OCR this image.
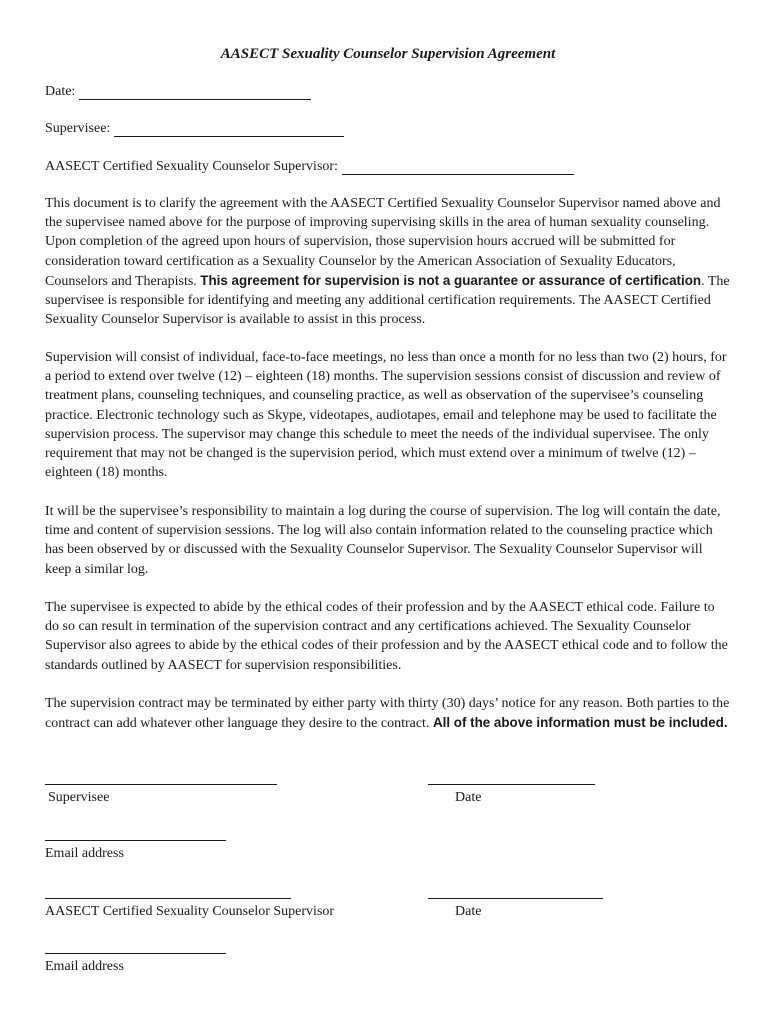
AASECT Sexuality Counselor Supervision Agreement
Date:
Supervisee:
AASECT Certified Sexuality Counselor Supervisor:

This document is to clarify the agreement with the AASECT Certified Sexuality Counselor Supervisor named above and the supervisee named above for the purpose of improving supervising skills in the area of human sexuality counseling. Upon completion of the agreed upon hours of supervision, those supervision hours accrued will be submitted for consideration toward certification as a Sexuality Counselor by the American Association of Sexuality Educators, Counselors and Therapists. This agreement for supervision is not a guarantee or assurance of certification. The supervisee is responsible for identifying and meeting any additional certification requirements. The AASECT Certified Sexuality Counselor Supervisor is available to assist in this process.

Supervision will consist of individual, face-to-face meetings, no less than once a month for no less than two (2) hours, for a period to extend over twelve (12) – eighteen (18) months. The supervision sessions consist of discussion and review of treatment plans, counseling techniques, and counseling practice, as well as observation of the supervisee’s counseling practice. Electronic technology such as Skype, videotapes, audiotapes, email and telephone may be used to facilitate the supervision process. The supervisor may change this schedule to meet the needs of the individual supervisee. The only requirement that may not be changed is the supervision period, which must extend over a minimum of twelve (12) – eighteen (18) months.

It will be the supervisee’s responsibility to maintain a log during the course of supervision. The log will contain the date, time and content of supervision sessions. The log will also contain information related to the counseling practice which has been observed by or discussed with the Sexuality Counselor Supervisor. The Sexuality Counselor Supervisor will keep a similar log.

The supervisee is expected to abide by the ethical codes of their profession and by the AASECT ethical code. Failure to do so can result in termination of the supervision contract and any certifications achieved. The Sexuality Counselor Supervisor also agrees to abide by the ethical codes of their profession and by the AASECT ethical code and to follow the standards outlined by AASECT for supervision responsibilities.

The supervision contract may be terminated by either party with thirty (30) days’ notice for any reason. Both parties to the contract can add whatever other language they desire to the contract. All of the above information must be included.

Supervisee	Date
Email address
AASECT Certified Sexuality Counselor Supervisor	Date
Email address
